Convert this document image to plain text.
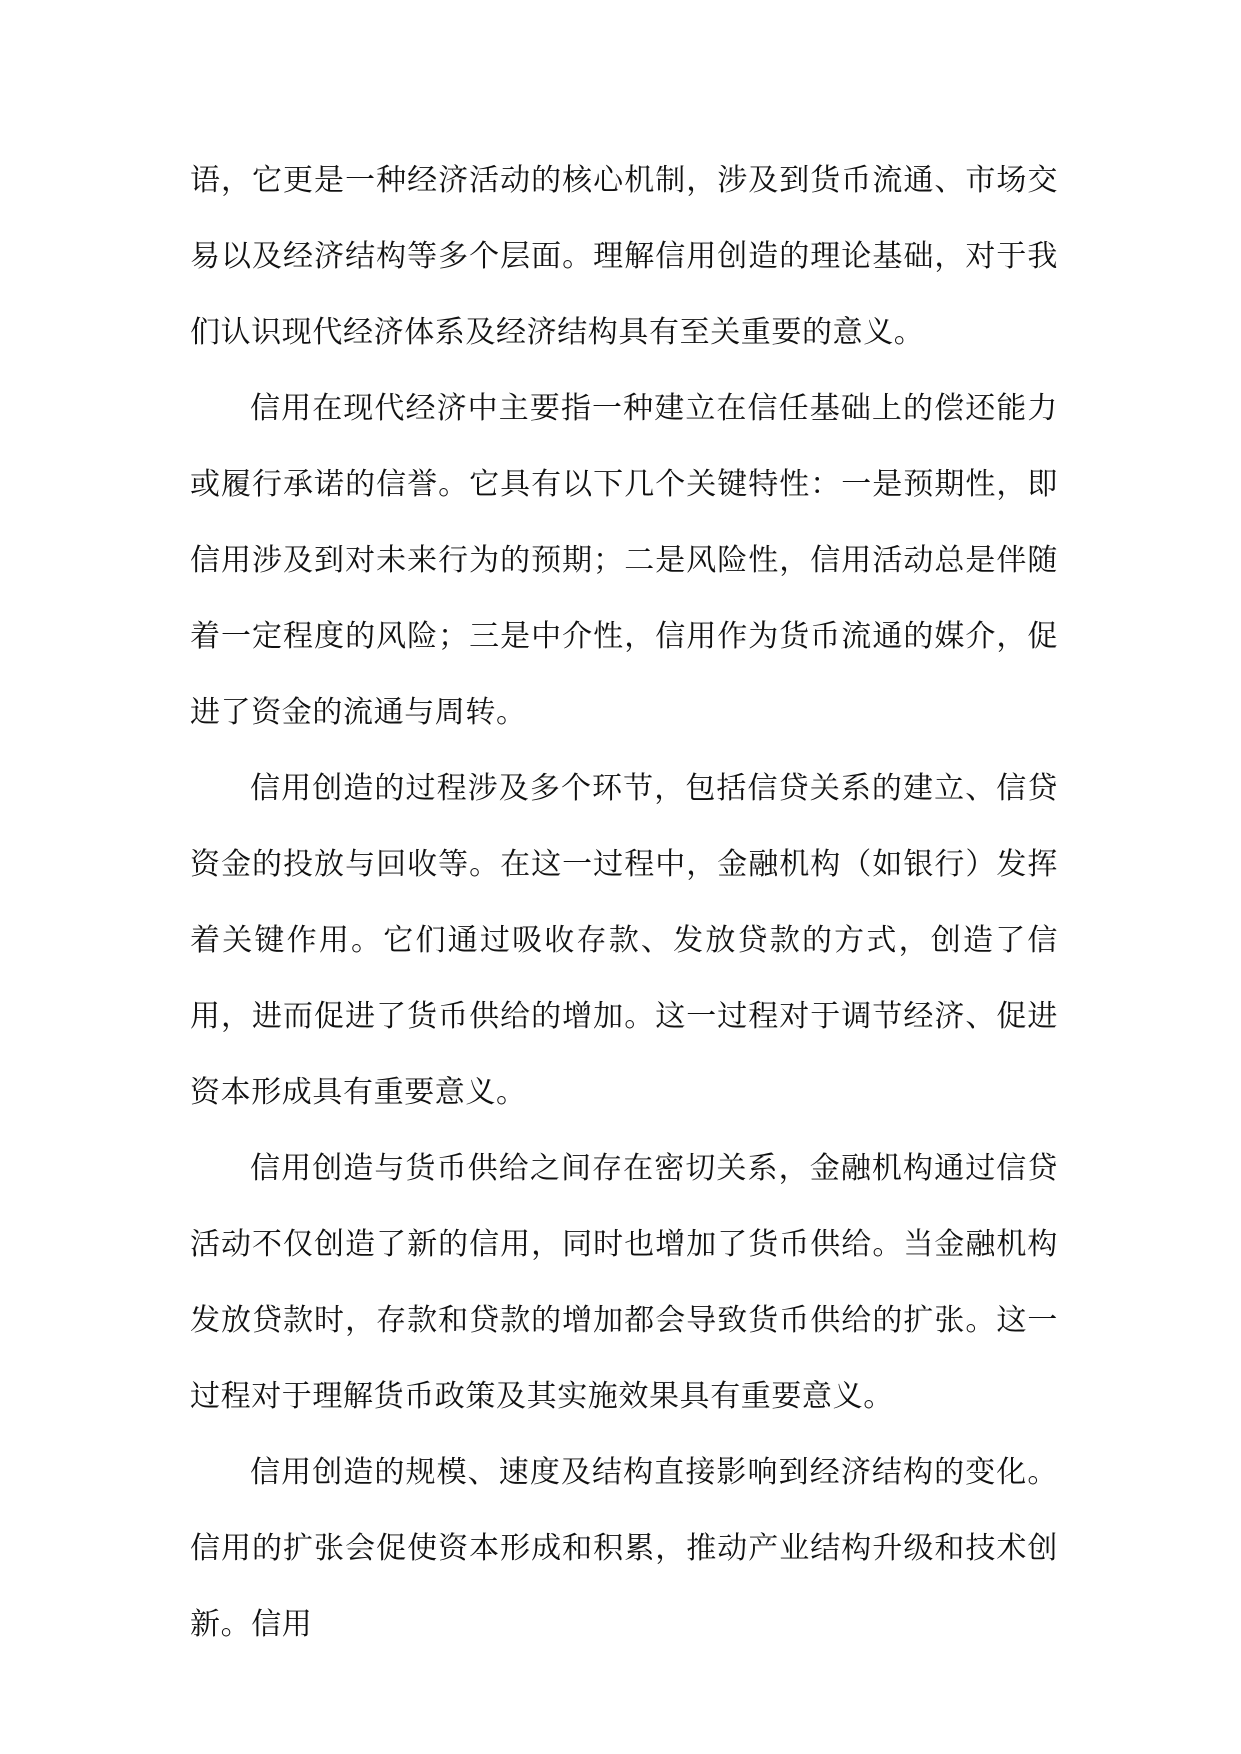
语，它更是一种经济活动的核心机制，涉及到货币流通、市场交易以及经济结构等多个层面。理解信用创造的理论基础，对于我们认识现代经济体系及经济结构具有至关重要的意义。

信用在现代经济中主要指一种建立在信任基础上的偿还能力或履行承诺的信誉。它具有以下几个关键特性：一是预期性，即信用涉及到对未来行为的预期；二是风险性，信用活动总是伴随着一定程度的风险；三是中介性，信用作为货币流通的媒介，促进了资金的流通与周转。

信用创造的过程涉及多个环节，包括信贷关系的建立、信贷资金的投放与回收等。在这一过程中，金融机构（如银行）发挥着关键作用。它们通过吸收存款、发放贷款的方式，创造了信用，进而促进了货币供给的增加。这一过程对于调节经济、促进资本形成具有重要意义。

信用创造与货币供给之间存在密切关系，金融机构通过信贷活动不仅创造了新的信用，同时也增加了货币供给。当金融机构发放贷款时，存款和贷款的增加都会导致货币供给的扩张。这一过程对于理解货币政策及其实施效果具有重要意义。

信用创造的规模、速度及结构直接影响到经济结构的变化。信用的扩张会促使资本形成和积累，推动产业结构升级和技术创新。信用
